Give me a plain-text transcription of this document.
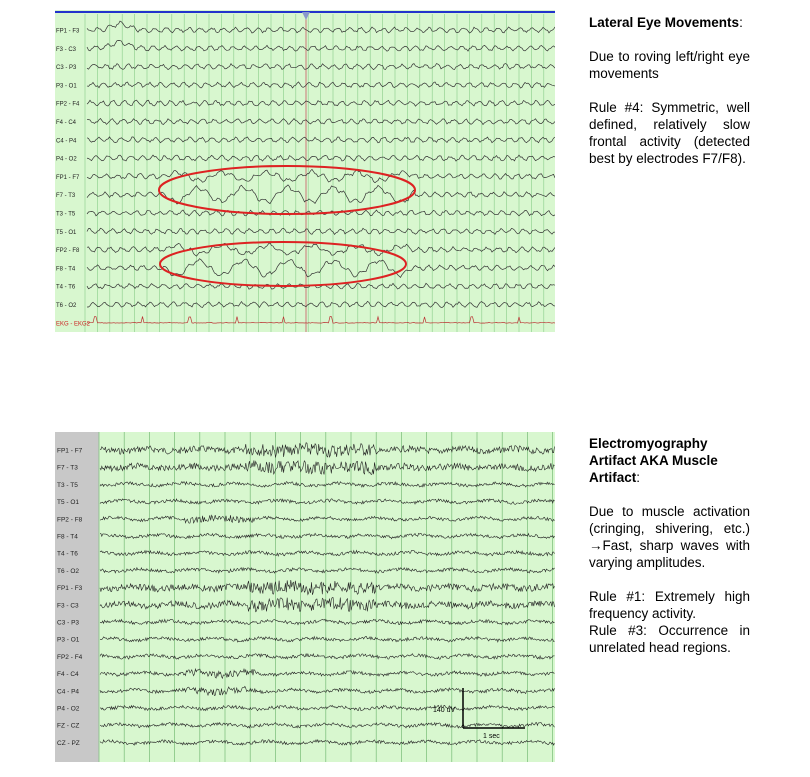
FP1 - F3
F3 - C3
C3 - P3
P3 - O1
FP2 - F4
F4 - C4
C4 - P4
P4 - O2
FP1 - F7
F7 - T3
T3 - T5
T5 - O1
FP2 - F8
F8 - T4
T4 - T6
T6 - O2
EKG - EKG2

Lateral Eye Movements:

Due to roving left/right eye movements

Rule #4: Symmetric, well defined, relatively slow frontal activity (detected best by electrodes F7/F8).

FP1 - F7
F7 - T3
T3 - T5
T5 - O1
FP2 - F8
F8 - T4
T4 - T6
T6 - O2
FP1 - F3
F3 - C3
C3 - P3
P3 - O1
FP2 - F4
F4 - C4
C4 - P4
P4 - O2
FZ - CZ
CZ - PZ
140 uV
1 sec

Electromyography
Artifact AKA Muscle
Artifact:

Due to muscle activation (cringing, shivering, etc.) →Fast, sharp waves with varying amplitudes.

Rule #1: Extremely high frequency activity.

Rule #3: Occurrence in unrelated head regions.
